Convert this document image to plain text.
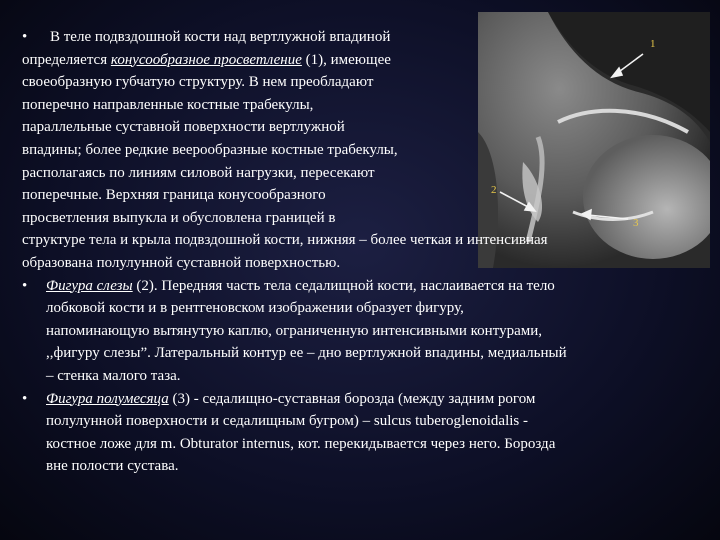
1
2
3
•	В теле подвздошной кости над вертлужной впадиной
определяется конусообразное просветление (1), имеющее
своеобразную губчатую структуру. В нем преобладают
поперечно направленные костные трабекулы,
параллельные суставной поверхности вертлужной
впадины; более редкие веерообразные костные трабекулы,
располагаясь по линиям силовой нагрузки, пересекают
поперечные. Верхняя граница конусообразного
просветления выпукла и обусловлена границей в
структуре тела и крыла подвздошной кости, нижняя – более четкая и интенсивная
образована полулунной суставной поверхностью.
• Фигура слезы (2). Передняя часть тела седалищной кости, наслаивается на тело
лобковой кости и в рентгеновском изображении образует фигуру,
напоминающую вытянутую каплю, ограниченную интенсивными контурами,
,,фигуру слезы”. Латеральный контур ее – дно вертлужной впадины, медиальный
– стенка малого таза.
• Фигура полумесяца (3) - седалищно-суставная борозда (между задним рогом
полулунной поверхности и седалищным бугром) – sulcus tuberoglenoidalis -
костное ложе для m. Obturator internus, кот. перекидывается через него. Борозда
вне полости сустава.
